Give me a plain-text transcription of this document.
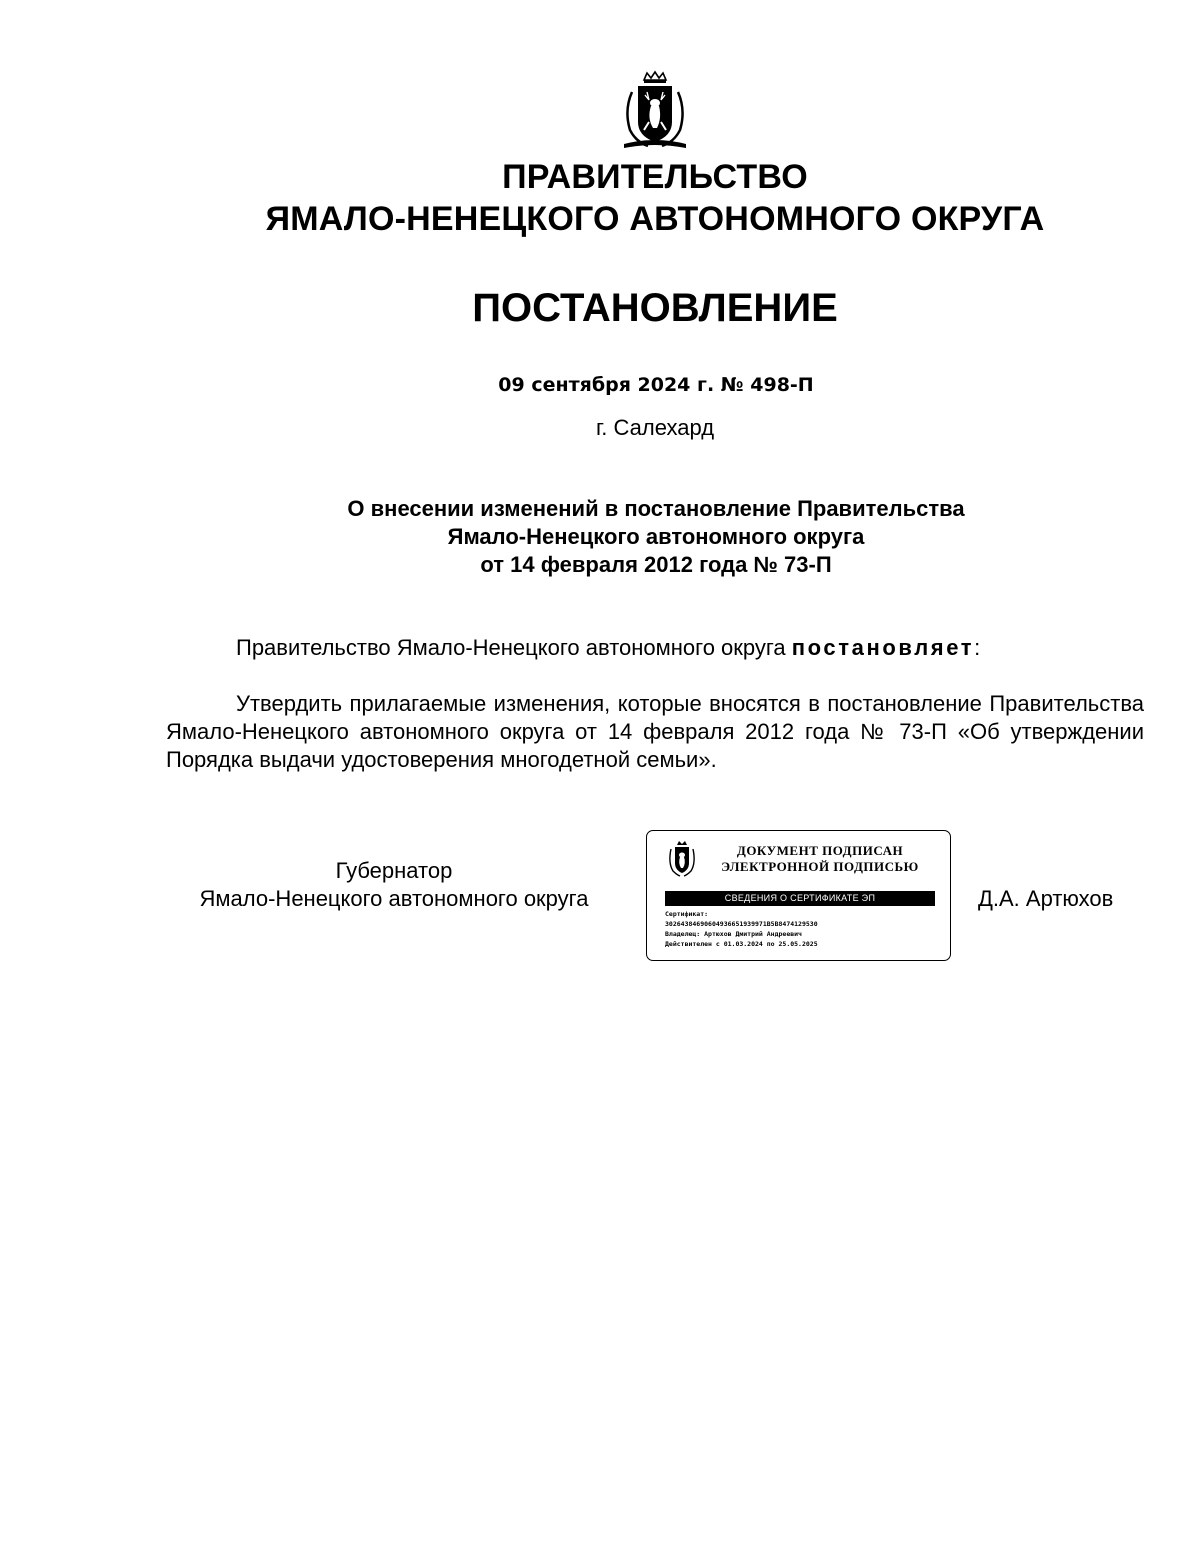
ПРАВИТЕЛЬСТВО
ЯМАЛО-НЕНЕЦКОГО АВТОНОМНОГО ОКРУГА
ПОСТАНОВЛЕНИЕ
09 сентября 2024 г. № 498-П
г. Салехард
О внесении изменений в постановление Правительства
Ямало-Ненецкого автономного округа
от 14 февраля 2012 года № 73-П
Правительство Ямало-Ненецкого автономного округа постановляет:
Утвердить прилагаемые изменения, которые вносятся в постановление Правительства Ямало-Ненецкого автономного округа от 14 февраля 2012 года № 73-П «Об утверждении Порядка выдачи удостоверения многодетной семьи».
Губернатор
Ямало-Ненецкого автономного округа
ДОКУМЕНТ ПОДПИСАН
ЭЛЕКТРОННОЙ ПОДПИСЬЮ
СВЕДЕНИЯ О СЕРТИФИКАТЕ ЭП
Сертификат:
30264384690604936651939971B5B8474129530
Владелец: Артюхов Дмитрий Андреевич
Действителен с 01.03.2024 по 25.05.2025
Д.А. Артюхов
